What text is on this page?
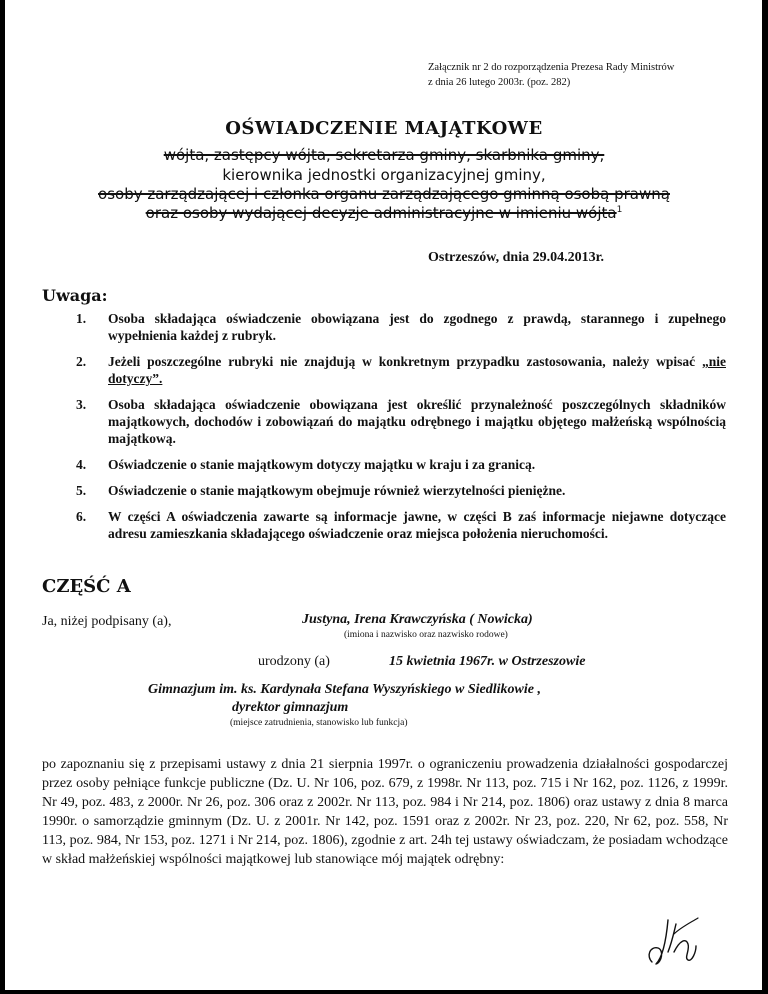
Załącznik nr 2 do rozporządzenia Prezesa Rady Ministrów
z dnia 26 lutego 2003r. (poz. 282)
OŚWIADCZENIE MAJĄTKOWE
wójta, zastępcy wójta, sekretarza gminy, skarbnika gminy,
kierownika jednostki organizacyjnej gminy,
osoby zarządzającej i członka organu zarządzającego gminną osobą prawną
oraz osoby wydającej decyzje administracyjne w imieniu wójta$^1$
Ostrzeszów, dnia 29.04.2013r.
Uwaga:
1. Osoba składająca oświadczenie obowiązana jest do zgodnego z prawdą, starannego i zupełnego wypełnienia każdej z rubryk.
2. Jeżeli poszczególne rubryki nie znajdują w konkretnym przypadku zastosowania, należy wpisać „nie dotyczy”.
3. Osoba składająca oświadczenie obowiązana jest określić przynależność poszczególnych składników majątkowych, dochodów i zobowiązań do majątku odrębnego i majątku objętego małżeńską wspólnością majątkową.
4. Oświadczenie o stanie majątkowym dotyczy majątku w kraju i za granicą.
5. Oświadczenie o stanie majątkowym obejmuje również wierzytelności pieniężne.
6. W części A oświadczenia zawarte są informacje jawne, w części B zaś informacje niejawne dotyczące adresu zamieszkania składającego oświadczenie oraz miejsca położenia nieruchomości.
CZĘŚĆ A
Ja, niżej podpisany (a),	Justyna, Irena Krawczyńska ( Nowicka)
(imiona i nazwisko oraz nazwisko rodowe)
urodzony (a)	15 kwietnia 1967r. w Ostrzeszowie
Gimnazjum im. ks. Kardynała Stefana Wyszyńskiego w Siedlikowie ,
dyrektor gimnazjum
(miejsce zatrudnienia, stanowisko lub funkcja)
po zapoznaniu się z przepisami ustawy z dnia 21 sierpnia 1997r. o ograniczeniu prowadzenia działalności gospodarczej przez osoby pełniące funkcje publiczne (Dz. U. Nr 106, poz. 679, z 1998r. Nr 113, poz. 715 i Nr 162, poz. 1126, z 1999r. Nr 49, poz. 483, z 2000r. Nr 26, poz. 306 oraz z 2002r. Nr 113, poz. 984 i Nr 214, poz. 1806) oraz ustawy z dnia 8 marca 1990r. o samorządzie gminnym (Dz. U. z 2001r. Nr 142, poz. 1591 oraz z 2002r. Nr 23, poz. 220, Nr 62, poz. 558, Nr 113, poz. 984, Nr 153, poz. 1271 i Nr 214, poz. 1806), zgodnie z art. 24h tej ustawy oświadczam, że posiadam wchodzące w skład małżeńskiej wspólności majątkowej lub stanowiące mój majątek odrębny:
